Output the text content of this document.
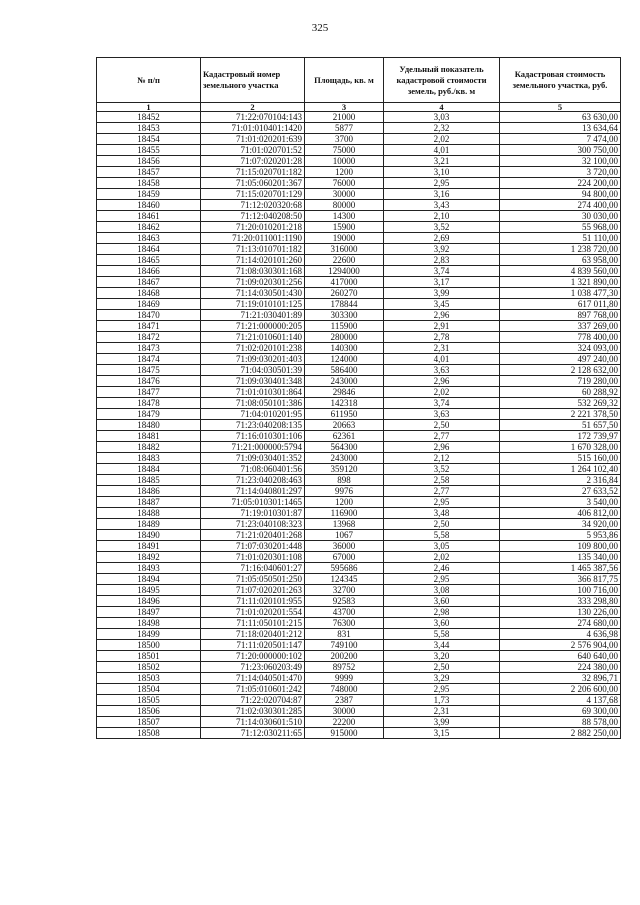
325
№ п/п	Кадастровый номер земельного участка	Площадь, кв. м	Удельный показатель кадастровой стоимости земель, руб./кв. м	Кадастровая стоимость земельного участка, руб.
1	2	3	4	5
18452	71:22:070104:143	21000	3,03	63 630,00
18453	71:01:010401:1420	5877	2,32	13 634,64
18454	71:01:020201:639	3700	2,02	7 474,00
18455	71:01:020701:52	75000	4,01	300 750,00
18456	71:07:020201:28	10000	3,21	32 100,00
18457	71:15:020701:182	1200	3,10	3 720,00
18458	71:05:060201:367	76000	2,95	224 200,00
18459	71:15:020701:129	30000	3,16	94 800,00
18460	71:12:020320:68	80000	3,43	274 400,00
18461	71:12:040208:50	14300	2,10	30 030,00
18462	71:20:010201:218	15900	3,52	55 968,00
18463	71:20:011001:1190	19000	2,69	51 110,00
18464	71:13:010701:182	316000	3,92	1 238 720,00
18465	71:14:020101:260	22600	2,83	63 958,00
18466	71:08:030301:168	1294000	3,74	4 839 560,00
18467	71:09:020301:256	417000	3,17	1 321 890,00
18468	71:14:030501:430	260270	3,99	1 038 477,30
18469	71:19:010101:125	178844	3,45	617 011,80
18470	71:21:030401:89	303300	2,96	897 768,00
18471	71:21:000000:205	115900	2,91	337 269,00
18472	71:21:010601:140	280000	2,78	778 400,00
18473	71:02:020101:238	140300	2,31	324 093,00
18474	71:09:030201:403	124000	4,01	497 240,00
18475	71:04:030501:39	586400	3,63	2 128 632,00
18476	71:09:030401:348	243000	2,96	719 280,00
18477	71:01:010301:864	29846	2,02	60 288,92
18478	71:08:050101:386	142318	3,74	532 269,32
18479	71:04:010201:95	611950	3,63	2 221 378,50
18480	71:23:040208:135	20663	2,50	51 657,50
18481	71:16:010301:106	62361	2,77	172 739,97
18482	71:21:000000:5794	564300	2,96	1 670 328,00
18483	71:09:030401:352	243000	2,12	515 160,00
18484	71:08:060401:56	359120	3,52	1 264 102,40
18485	71:23:040208:463	898	2,58	2 316,84
18486	71:14:040801:297	9976	2,77	27 633,52
18487	71:05:010301:1465	1200	2,95	3 540,00
18488	71:19:010301:87	116900	3,48	406 812,00
18489	71:23:040108:323	13968	2,50	34 920,00
18490	71:21:020401:268	1067	5,58	5 953,86
18491	71:07:030201:448	36000	3,05	109 800,00
18492	71:01:020301:108	67000	2,02	135 340,00
18493	71:16:040601:27	595686	2,46	1 465 387,56
18494	71:05:050501:250	124345	2,95	366 817,75
18495	71:07:020201:263	32700	3,08	100 716,00
18496	71:11:020101:955	92583	3,60	333 298,80
18497	71:01:020201:554	43700	2,98	130 226,00
18498	71:11:050101:215	76300	3,60	274 680,00
18499	71:18:020401:212	831	5,58	4 636,98
18500	71:11:020501:147	749100	3,44	2 576 904,00
18501	71:20:000000:102	200200	3,20	640 640,00
18502	71:23:060203:49	89752	2,50	224 380,00
18503	71:14:040501:470	9999	3,29	32 896,71
18504	71:05:010601:242	748000	2,95	2 206 600,00
18505	71:22:020704:87	2387	1,73	4 137,68
18506	71:02:030301:285	30000	2,31	69 300,00
18507	71:14:030601:510	22200	3,99	88 578,00
18508	71:12:030211:65	915000	3,15	2 882 250,00
